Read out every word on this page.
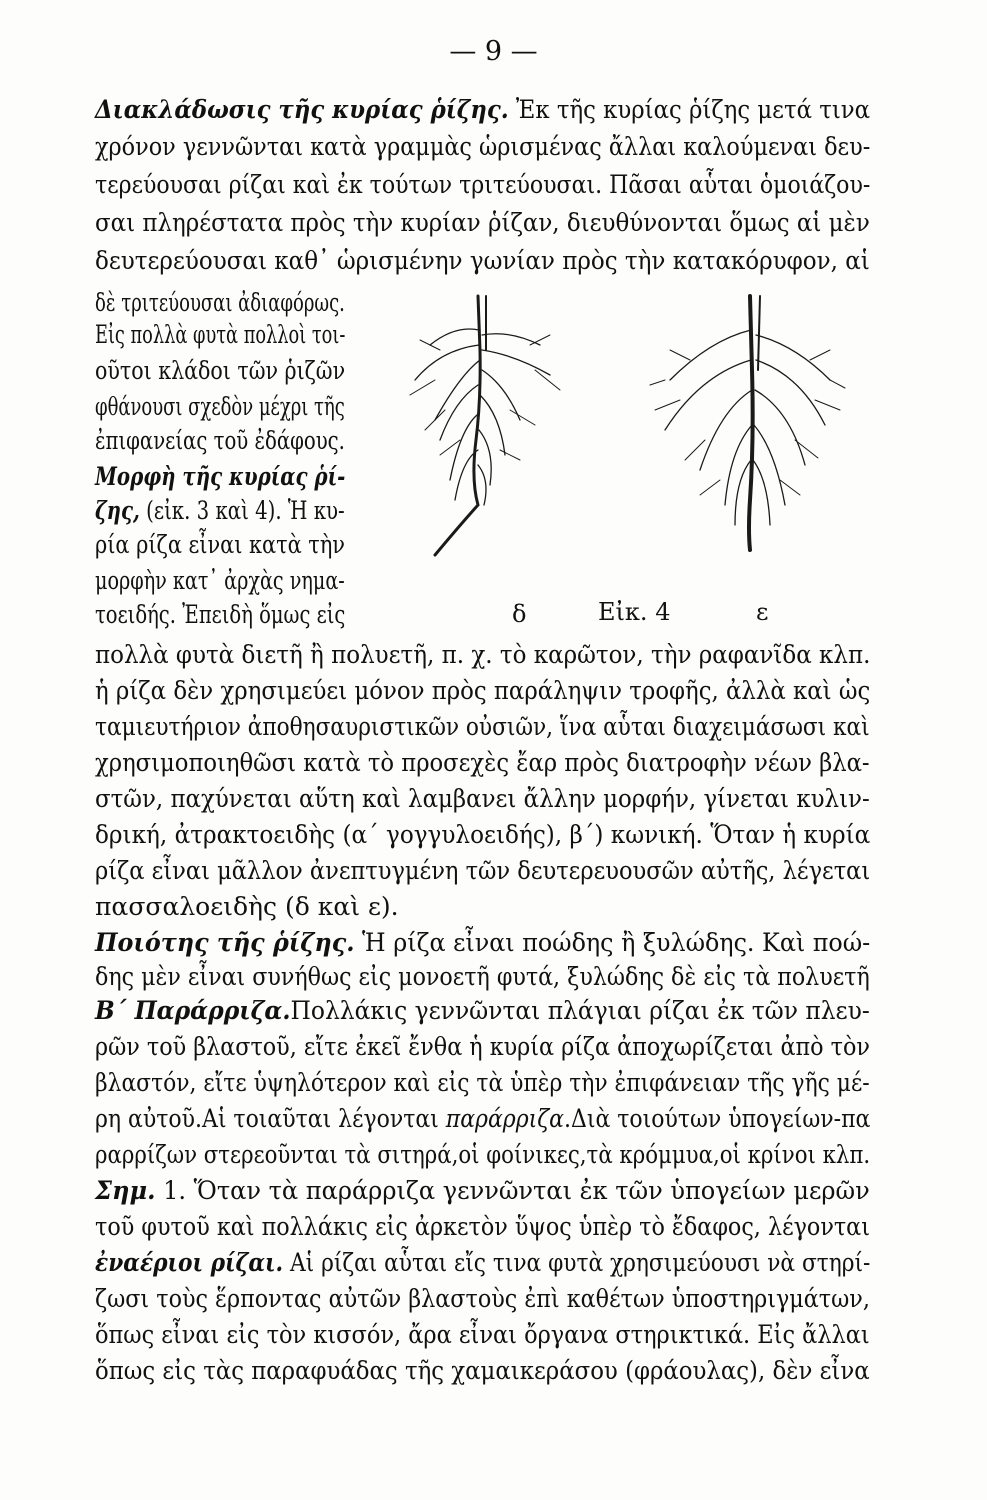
— 9 —
Διακλάδωσις τῆς κυρίας ῥίζης. Ἐκ τῆς κυρίας ῥίζης μετά τινα
χρόνον γεννῶνται κατὰ γραμμὰς ὡρισμένας ἄλλαι καλούμεναι δευ-
τερεύουσαι ρίζαι καὶ ἐκ τούτων τριτεύουσαι. Πᾶσαι αὗται ὁμοιάζου-
σαι πληρέστατα πρὸς τὴν κυρίαν ῥίζαν, διευθύνονται ὅμως αἱ μὲν
δευτερεύουσαι καθ᾽ ὡρισμένην γωνίαν πρὸς τὴν κατακόρυφον, αἱ
δὲ τριτεύουσαι ἀδιαφόρως.
Εἰς πολλὰ φυτὰ πολλοὶ τοι-
οῦτοι κλάδοι τῶν ῥιζῶν
φθάνουσι σχεδὸν μέχρι τῆς
ἐπιφανείας τοῦ ἐδάφους.
Μορφὴ τῆς κυρίας ῥί-
ζης, (εἰκ. 3 καὶ 4). Ἡ κυ-
ρία ρίζα εἶναι κατὰ τὴν
μορφὴν κατ᾽ ἀρχὰς νημα-
τοειδής. Ἐπειδὴ ὅμως εἰς	δ	Εἰκ. 4	ε
πολλὰ φυτὰ διετῆ ἢ πολυετῆ, π. χ. τὸ καρῶτον, τὴν ραφανῖδα κλπ.
ἡ ρίζα δὲν χρησιμεύει μόνον πρὸς παράληψιν τροφῆς, ἀλλὰ καὶ ὡς
ταμιευτήριον ἀποθησαυριστικῶν οὐσιῶν, ἵνα αὗται διαχειμάσωσι καὶ
χρησιμοποιηθῶσι κατὰ τὸ προσεχὲς ἔαρ πρὸς διατροφὴν νέων βλα-
στῶν, παχύνεται αὕτη καὶ λαμβανει ἄλλην μορφήν, γίνεται κυλιν-
δρική, ἀτρακτοειδὴς (α´ γογγυλοειδής), β´) κωνική. Ὅταν ἡ κυρία
ρίζα εἶναι μᾶλλον ἀνεπτυγμένη τῶν δευτερευουσῶν αὐτῆς, λέγεται
πασσαλοειδὴς (δ καὶ ε).
Ποιότης τῆς ῥίζης. Ἡ ρίζα εἶναι ποώδης ἢ ξυλώδης. Καὶ ποώ-
δης μὲν εἶναι συνήθως εἰς μονοετῆ φυτά, ξυλώδης δὲ εἰς τὰ πολυετῆ
Β´ Παράρριζα.Πολλάκις γεννῶνται πλάγιαι ρίζαι ἐκ τῶν πλευ-
ρῶν τοῦ βλαστοῦ, εἴτε ἐκεῖ ἔνθα ἡ κυρία ρίζα ἀποχωρίζεται ἀπὸ τὸν
βλαστόν, εἴτε ὑψηλότερον καὶ εἰς τὰ ὑπὲρ τὴν ἐπιφάνειαν τῆς γῆς μέ-
ρη αὐτοῦ.Αἱ τοιαῦται λέγονται παράρριζα.Διὰ τοιούτων ὑπογείων-πα
ραρρίζων στερεοῦνται τὰ σιτηρά,οἱ φοίνικες,τὰ κρόμμυα,οἱ κρίνοι κλπ.
Σημ. 1. Ὅταν τὰ παράρριζα γεννῶνται ἐκ τῶν ὑπογείων μερῶν
τοῦ φυτοῦ καὶ πολλάκις εἰς ἀρκετὸν ὕψος ὑπὲρ τὸ ἔδαφος, λέγονται
ἐναέριοι ρίζαι. Αἱ ρίζαι αὗται εἴς τινα φυτὰ χρησιμεύουσι νὰ στηρί-
ζωσι τοὺς ἕρποντας αὐτῶν βλαστοὺς ἐπὶ καθέτων ὑποστηριγμάτων,
ὅπως εἶναι εἰς τὸν κισσόν, ἄρα εἶναι ὄργανα στηρικτικά. Εἰς ἄλλαι
ὅπως εἰς τὰς παραφυάδας τῆς χαμαικεράσου (φράουλας), δὲν εἶνα
